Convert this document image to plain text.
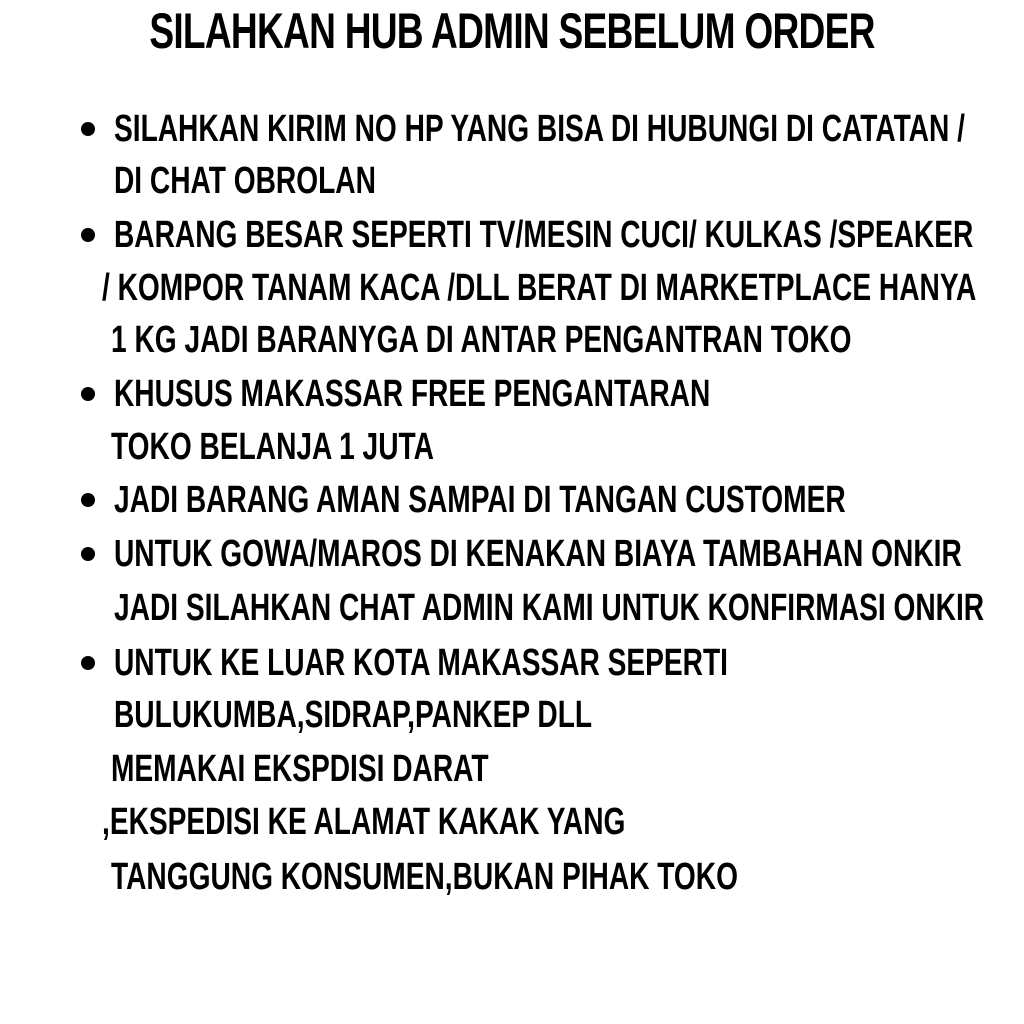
SILAHKAN HUB ADMIN SEBELUM ORDER
SILAHKAN KIRIM NO HP YANG BISA DI HUBUNGI DI CATATAN /
DI CHAT OBROLAN
BARANG BESAR SEPERTI TV/MESIN CUCI/ KULKAS /SPEAKER
/ KOMPOR TANAM KACA /DLL BERAT DI MARKETPLACE HANYA
1 KG JADI BARANYGA DI ANTAR PENGANTRAN TOKO
KHUSUS MAKASSAR FREE PENGANTARAN
TOKO BELANJA 1 JUTA
JADI BARANG AMAN SAMPAI DI TANGAN CUSTOMER
UNTUK GOWA/MAROS DI KENAKAN BIAYA TAMBAHAN ONKIR
JADI SILAHKAN CHAT ADMIN KAMI UNTUK KONFIRMASI ONKIR
UNTUK KE LUAR KOTA MAKASSAR SEPERTI
BULUKUMBA,SIDRAP,PANKEP DLL
MEMAKAI EKSPDISI DARAT
,EKSPEDISI KE ALAMAT KAKAK YANG
TANGGUNG KONSUMEN,BUKAN PIHAK TOKO
